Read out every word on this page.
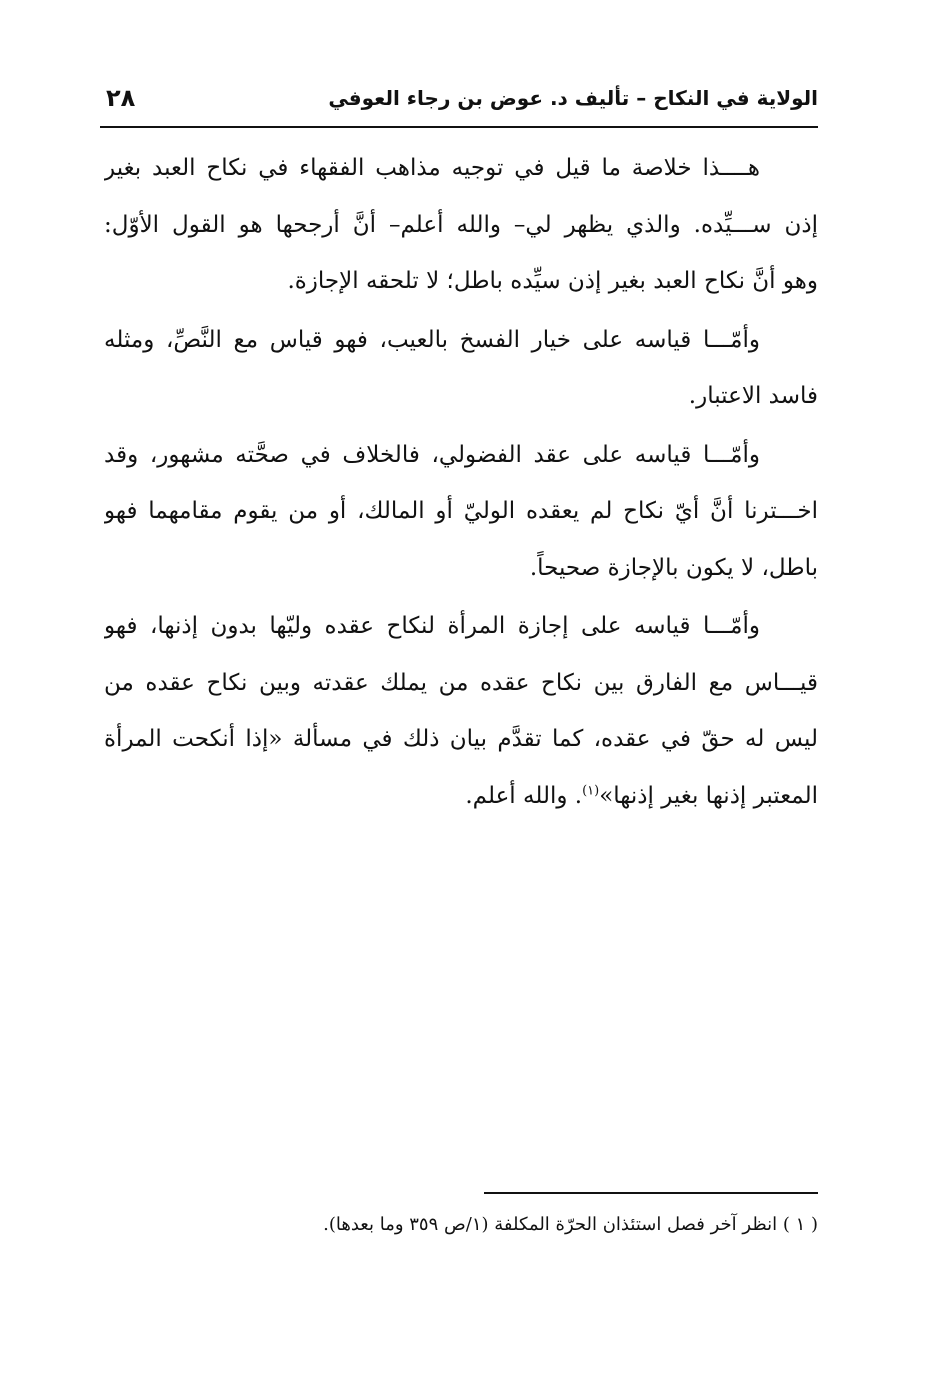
الولاية في النكاح – تأليف د. عوض بن رجاء العوفي
٢٨
هــــذا خلاصة ما قيل في توجيه مذاهب الفقهاء في نكاح العبد بغير
إذن ســـيِّده. والذي يظهر لي– والله أعلم– أنَّ أرجحها هو القول الأوّل:
وهو أنَّ نكاح العبد بغير إذن سيِّده باطل؛ لا تلحقه الإجازة.
وأمّـــا قياسه على خيار الفسخ بالعيب، فهو قياس مع النَّصِّ، ومثله
فاسد الاعتبار.
وأمّـــا قياسه على عقد الفضولي، فالخلاف في صحَّته مشهور، وقد
اخـــترنا أنَّ أيّ نكاح لم يعقده الوليّ أو المالك، أو من يقوم مقامهما فهو
باطل، لا يكون بالإجازة صحيحاً.
وأمّـــا قياسه على إجازة المرأة لنكاح عقده وليّها بدون إذنها، فهو
قيـــاس مع الفارق بين نكاح عقده من يملك عقدته وبين نكاح عقده من
ليس له حقّ في عقده، كما تقدَّم بيان ذلك في مسألة «إذا أنكحت المرأة
المعتبر إذنها بغير إذنها»$^{(١)}$. والله أعلم.
( ١ ) انظر آخر فصل استئذان الحرّة المكلفة (١/ص ٣٥٩ وما بعدها).
